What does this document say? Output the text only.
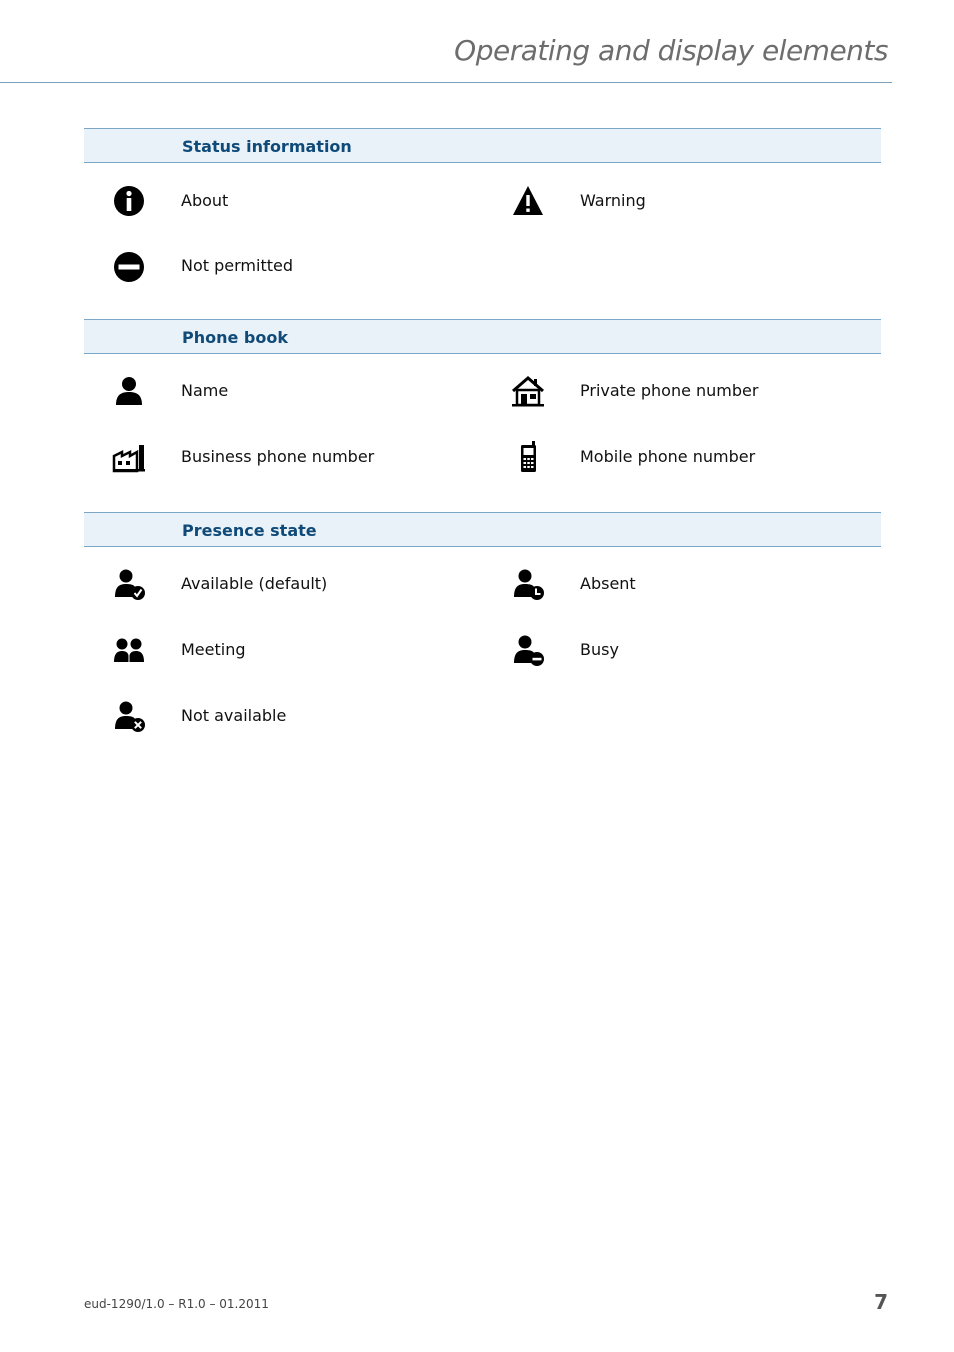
Operating and display elements
Status information
About	Warning
Not permitted
Phone book
Name	Private phone number
Business phone number	Mobile phone number
Presence state
Available (default)	Absent
Meeting	Busy
Not available
eud-1290/1.0 – R1.0 – 01.2011	7
